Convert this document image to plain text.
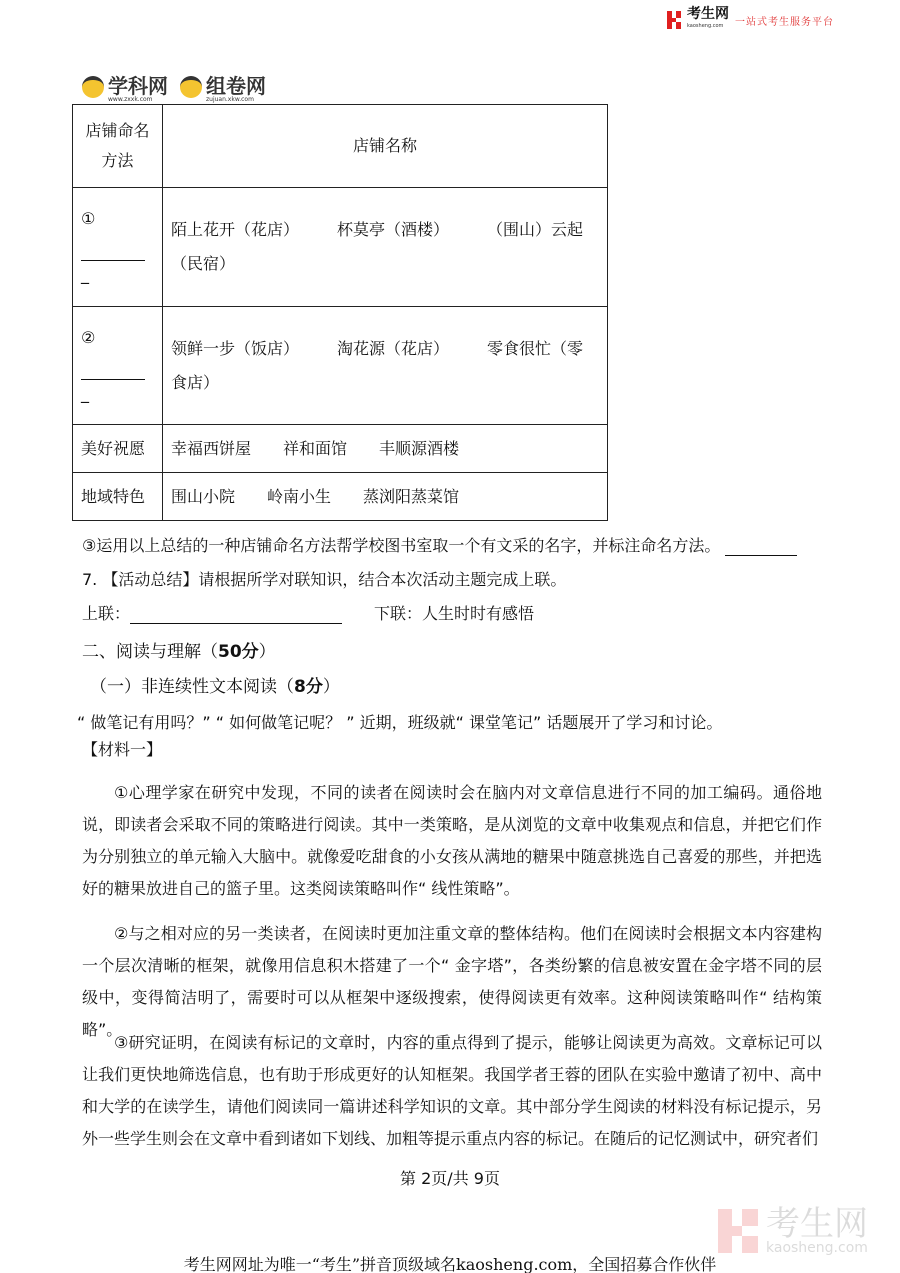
考生网
kaosheng.com	一站式考生服务平台
学科网
www.zxxk.com
组卷网
zujuan.xkw.com
店铺命名方法	店铺名称
①

_	陌上花开（花店） 杯莫亭（酒楼） （围山）云起（民宿）
②

_	领鲜一步（饭店） 淘花源（花店） 零食很忙（零食店）
美好祝愿	幸福西饼屋 祥和面馆 丰顺源酒楼
地域特色	围山小院 岭南小生 蒸浏阳蒸菜馆
③运用以上总结的一种店铺命名方法帮学校图书室取一个有文采的名字，并标注命名方法。
7. 【活动总结】请根据所学对联知识，结合本次活动主题完成上联。
上联：	下联：人生时时有感悟
二、阅读与理解（50分）
（一）非连续性文本阅读（8分）
“ 做笔记有用吗？” “ 如何做笔记呢？ ” 近期，班级就“ 课堂笔记” 话题展开了学习和讨论。
【材料一】
①心理学家在研究中发现，不同的读者在阅读时会在脑内对文章信息进行不同的加工编码。通俗地说，即读者会采取不同的策略进行阅读。其中一类策略，是从浏览的文章中收集观点和信息，并把它们作为分别独立的单元输入大脑中。就像爱吃甜食的小女孩从满地的糖果中随意挑选自己喜爱的那些，并把选好的糖果放进自己的篮子里。这类阅读策略叫作“ 线性策略”。
②与之相对应的另一类读者，在阅读时更加注重文章的整体结构。他们在阅读时会根据文本内容建构一个层次清晰的框架，就像用信息积木搭建了一个“ 金字塔”，各类纷繁的信息被安置在金字塔不同的层级中，变得简洁明了，需要时可以从框架中逐级搜索，使得阅读更有效率。这种阅读策略叫作“ 结构策略”。
③研究证明，在阅读有标记的文章时，内容的重点得到了提示，能够让阅读更为高效。文章标记可以让我们更快地筛选信息，也有助于形成更好的认知框架。我国学者王蓉的团队在实验中邀请了初中、高中和大学的在读学生，请他们阅读同一篇讲述科学知识的文章。其中部分学生阅读的材料没有标记提示，另外一些学生则会在文章中看到诸如下划线、加粗等提示重点内容的标记。在随后的记忆测试中，研究者们
第 2页/共 9页
考生网
kaosheng.com
考生网网址为唯一“考生”拼音顶级域名kaosheng.com，全国招募合作伙伴
